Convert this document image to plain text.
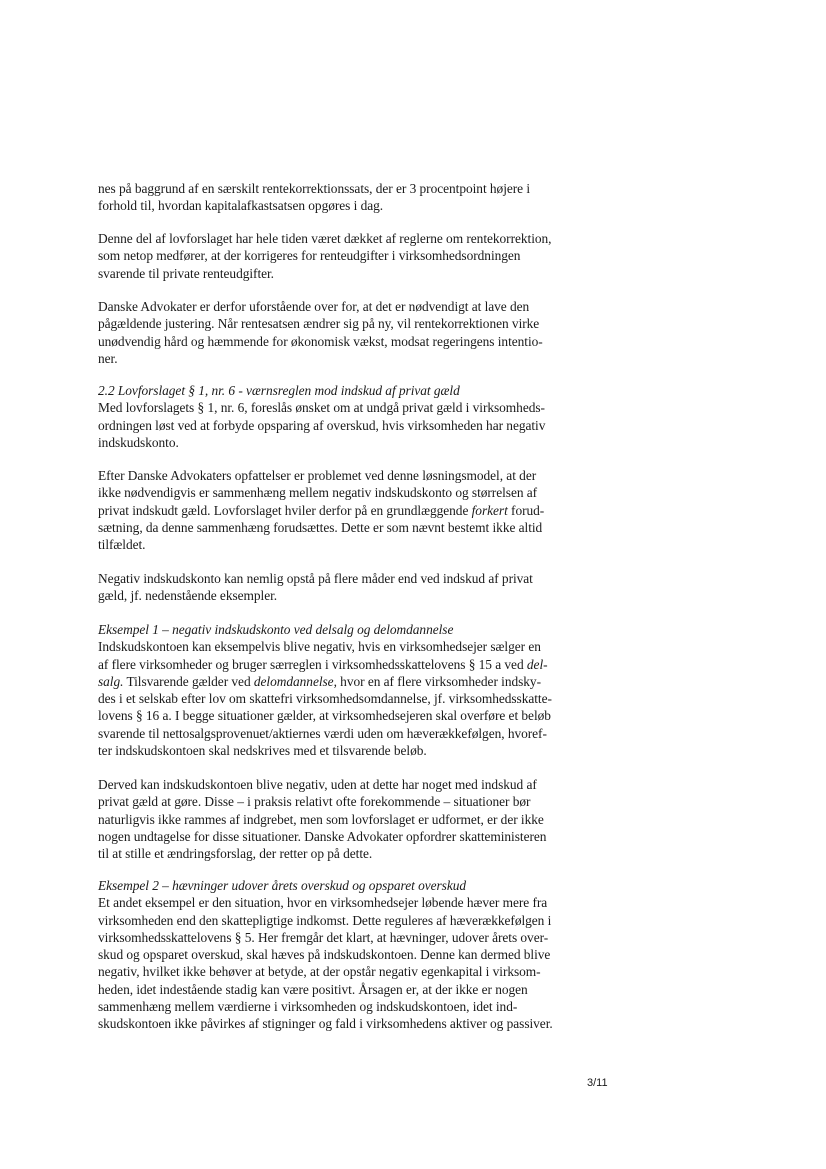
nes på baggrund af en særskilt rentekorrektionssats, der er 3 procentpoint højere i
forhold til, hvordan kapitalafkastsatsen opgøres i dag.
Denne del af lovforslaget har hele tiden været dækket af reglerne om rentekorrektion,
som netop medfører, at der korrigeres for renteudgifter i virksomhedsordningen
svarende til private renteudgifter.
Danske Advokater er derfor uforstående over for, at det er nødvendigt at lave den
pågældende justering. Når rentesatsen ændrer sig på ny, vil rentekorrektionen virke
unødvendig hård og hæmmende for økonomisk vækst, modsat regeringens intentio-
ner.
2.2 Lovforslaget § 1, nr. 6 - værnsreglen mod indskud af privat gæld
Med lovforslagets § 1, nr. 6, foreslås ønsket om at undgå privat gæld i virksomheds-
ordningen løst ved at forbyde opsparing af overskud, hvis virksomheden har negativ
indskudskonto.
Efter Danske Advokaters opfattelser er problemet ved denne løsningsmodel, at der
ikke nødvendigvis er sammenhæng mellem negativ indskudskonto og størrelsen af
privat indskudt gæld. Lovforslaget hviler derfor på en grundlæggende forkert forud-
sætning, da denne sammenhæng forudsættes. Dette er som nævnt bestemt ikke altid
tilfældet.
Negativ indskudskonto kan nemlig opstå på flere måder end ved indskud af privat
gæld, jf. nedenstående eksempler.
Eksempel 1 – negativ indskudskonto ved delsalg og delomdannelse
Indskudskontoen kan eksempelvis blive negativ, hvis en virksomhedsejer sælger en
af flere virksomheder og bruger særreglen i virksomhedsskattelovens § 15 a ved del-
salg. Tilsvarende gælder ved delomdannelse, hvor en af flere virksomheder indsky-
des i et selskab efter lov om skattefri virksomhedsomdannelse, jf. virksomhedsskatte-
lovens § 16 a. I begge situationer gælder, at virksomhedsejeren skal overføre et beløb
svarende til nettosalgsprovenuet/aktiernes værdi uden om hæverækkefølgen, hvoref-
ter indskudskontoen skal nedskrives med et tilsvarende beløb.
Derved kan indskudskontoen blive negativ, uden at dette har noget med indskud af
privat gæld at gøre. Disse – i praksis relativt ofte forekommende – situationer bør
naturligvis ikke rammes af indgrebet, men som lovforslaget er udformet, er der ikke
nogen undtagelse for disse situationer. Danske Advokater opfordrer skatteministeren
til at stille et ændringsforslag, der retter op på dette.
Eksempel 2 – hævninger udover årets overskud og opsparet overskud
Et andet eksempel er den situation, hvor en virksomhedsejer løbende hæver mere fra
virksomheden end den skattepligtige indkomst. Dette reguleres af hæverækkefølgen i
virksomhedsskattelovens § 5. Her fremgår det klart, at hævninger, udover årets over-
skud og opsparet overskud, skal hæves på indskudskontoen. Denne kan dermed blive
negativ, hvilket ikke behøver at betyde, at der opstår negativ egenkapital i virksom-
heden, idet indestående stadig kan være positivt. Årsagen er, at der ikke er nogen
sammenhæng mellem værdierne i virksomheden og indskudskontoen, idet ind-
skudskontoen ikke påvirkes af stigninger og fald i virksomhedens aktiver og passiver.
3/11
